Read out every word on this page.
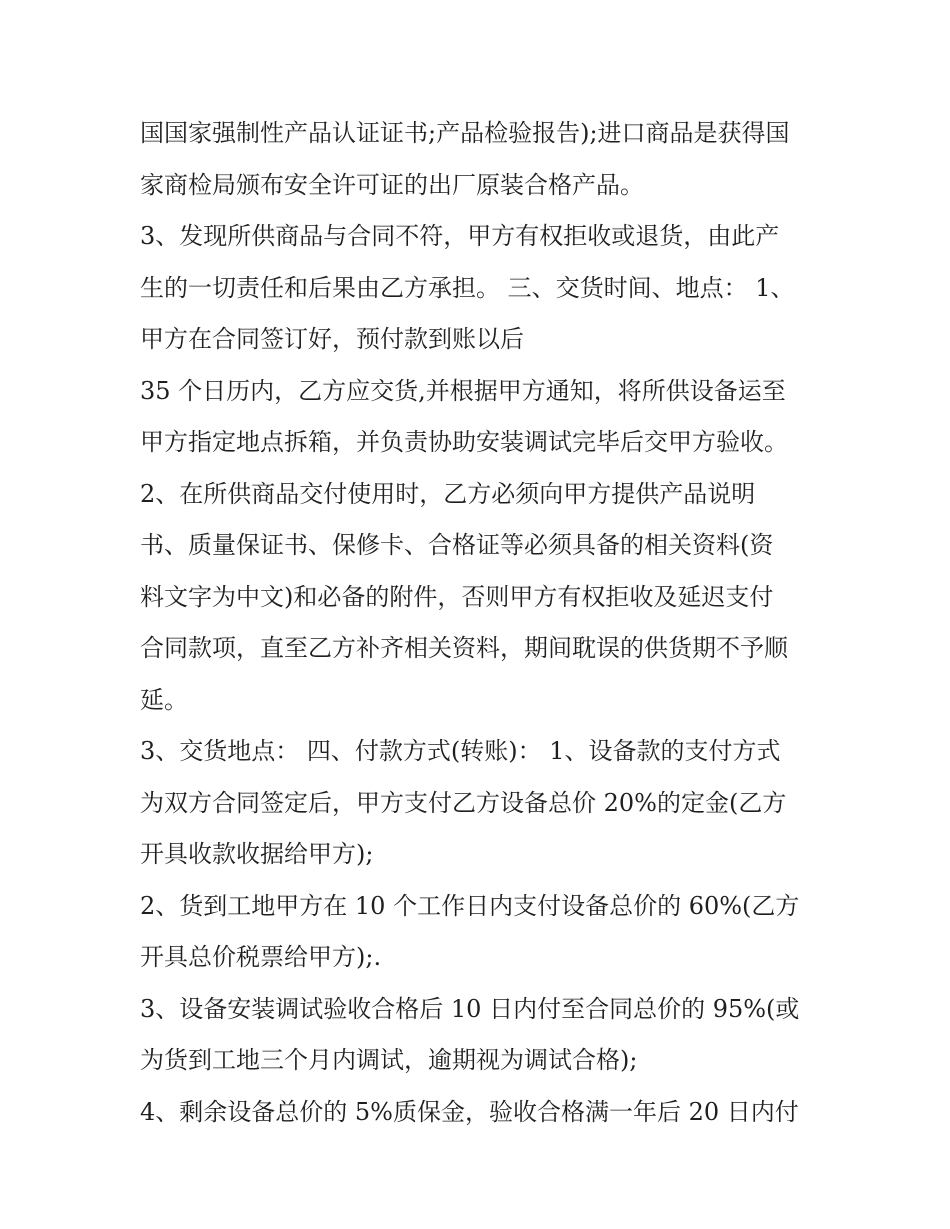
国国家强制性产品认证证书;产品检验报告);进口商品是获得国
家商检局颁布安全许可证的出厂原装合格产品。
3、发现所供商品与合同不符，甲方有权拒收或退货，由此产
生的一切责任和后果由乙方承担。 三、交货时间、地点： 1、
甲方在合同签订好，预付款到账以后
35 个日历内，乙方应交货,并根据甲方通知，将所供设备运至
甲方指定地点拆箱，并负责协助安装调试完毕后交甲方验收。
2、在所供商品交付使用时，乙方必须向甲方提供产品说明
书、质量保证书、保修卡、合格证等必须具备的相关资料(资
料文字为中文)和必备的附件，否则甲方有权拒收及延迟支付
合同款项，直至乙方补齐相关资料，期间耽误的供货期不予顺
延。
3、交货地点： 四、付款方式(转账)： 1、设备款的支付方式
为双方合同签定后，甲方支付乙方设备总价 20%的定金(乙方
开具收款收据给甲方);
2、货到工地甲方在 10 个工作日内支付设备总价的 60%(乙方
开具总价税票给甲方);.
3、设备安装调试验收合格后 10 日内付至合同总价的 95%(或
为货到工地三个月内调试，逾期视为调试合格);
4、剩余设备总价的 5%质保金，验收合格满一年后 20 日内付
